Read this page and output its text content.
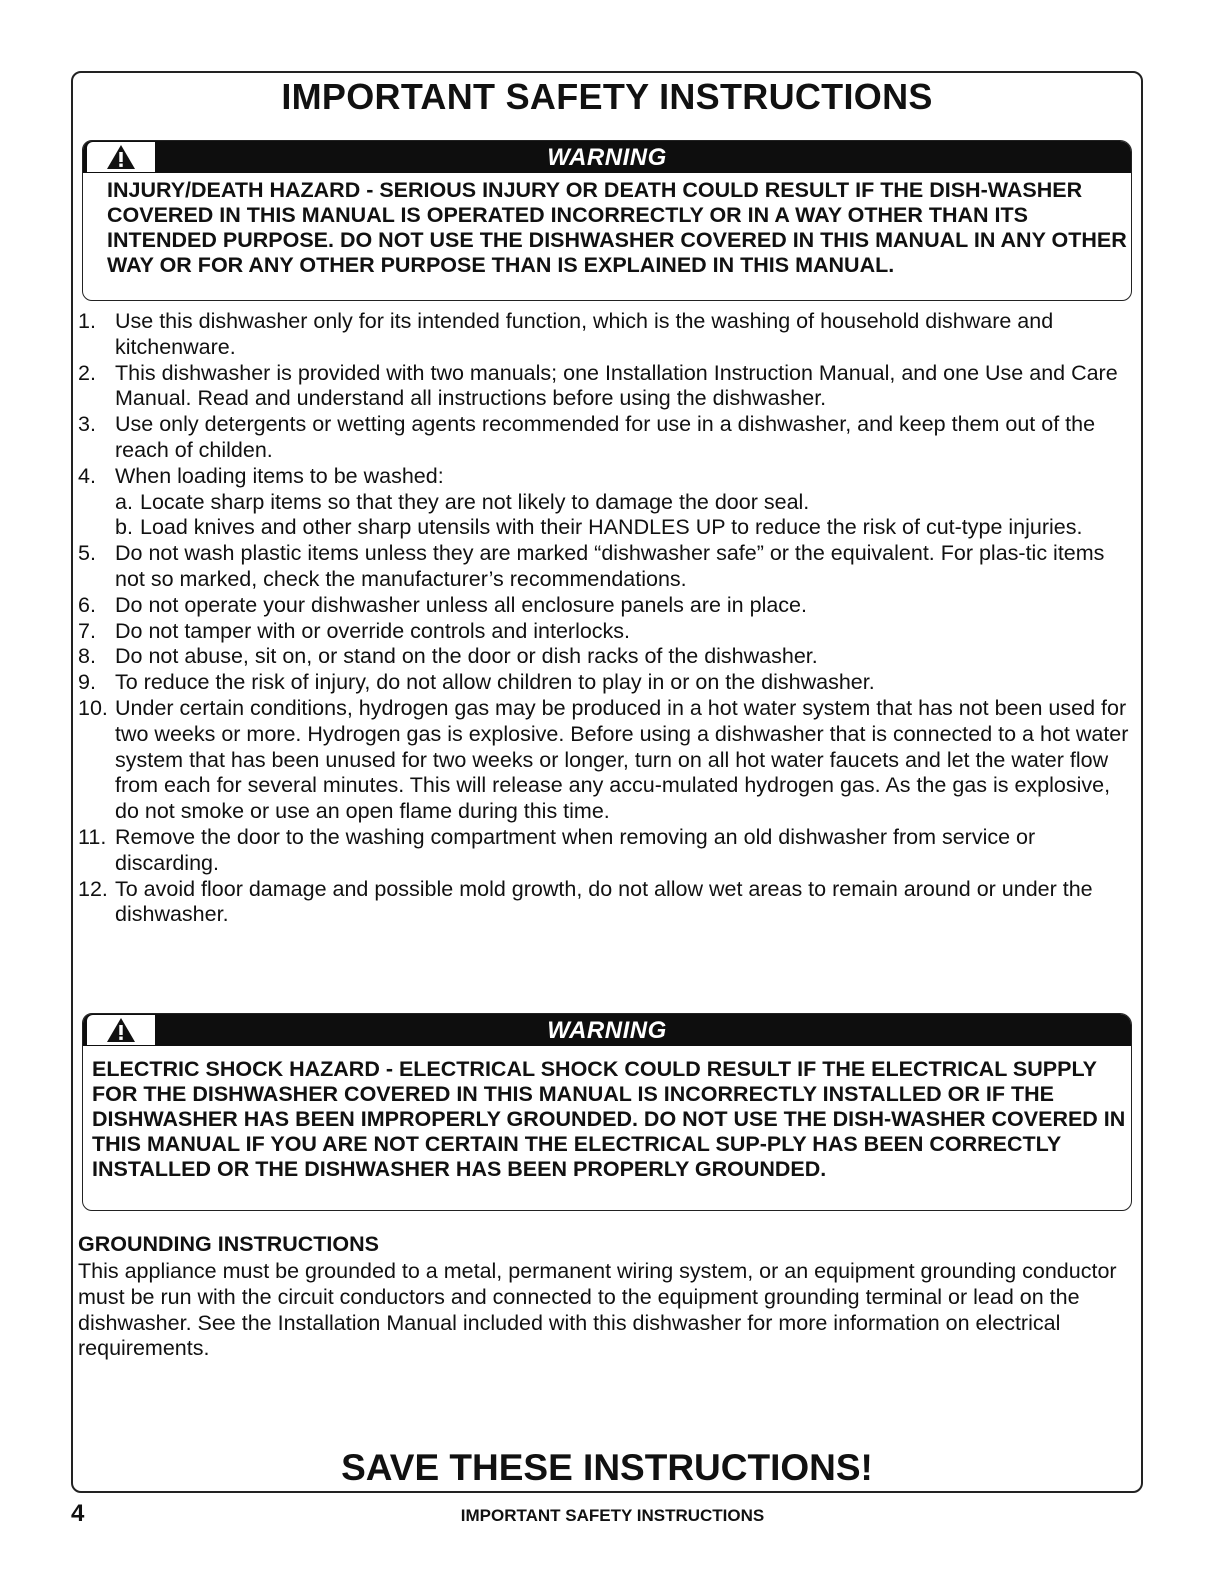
IMPORTANT SAFETY INSTRUCTIONS
WARNING
INJURY/DEATH HAZARD - SERIOUS INJURY OR DEATH COULD RESULT IF THE DISH-WASHER COVERED IN THIS MANUAL IS OPERATED INCORRECTLY OR IN A WAY OTHER THAN ITS INTENDED PURPOSE. DO NOT USE THE DISHWASHER COVERED IN THIS MANUAL IN ANY OTHER WAY OR FOR ANY OTHER PURPOSE THAN IS EXPLAINED IN THIS MANUAL.
1. Use this dishwasher only for its intended function, which is the washing of household dishware and kitchenware.
2. This dishwasher is provided with two manuals; one Installation Instruction Manual, and one Use and Care Manual. Read and understand all instructions before using the dishwasher.
3. Use only detergents or wetting agents recommended for use in a dishwasher, and keep them out of the reach of childen.
4. When loading items to be washed:
a. Locate sharp items so that they are not likely to damage the door seal.
b. Load knives and other sharp utensils with their HANDLES UP to reduce the risk of cut-type injuries.
5. Do not wash plastic items unless they are marked “dishwasher safe” or the equivalent. For plas-tic items not so marked, check the manufacturer’s recommendations.
6. Do not operate your dishwasher unless all enclosure panels are in place.
7. Do not tamper with or override controls and interlocks.
8. Do not abuse, sit on, or stand on the door or dish racks of the dishwasher.
9. To reduce the risk of injury, do not allow children to play in or on the dishwasher.
10. Under certain conditions, hydrogen gas may be produced in a hot water system that has not been used for two weeks or more. Hydrogen gas is explosive. Before using a dishwasher that is connected to a hot water system that has been unused for two weeks or longer, turn on all hot water faucets and let the water flow from each for several minutes. This will release any accu-mulated hydrogen gas. As the gas is explosive, do not smoke or use an open flame during this time.
11. Remove the door to the washing compartment when removing an old dishwasher from service or discarding.
12. To avoid floor damage and possible mold growth, do not allow wet areas to remain around or under the dishwasher.
WARNING
ELECTRIC SHOCK HAZARD - ELECTRICAL SHOCK COULD RESULT IF THE ELECTRICAL SUPPLY FOR THE DISHWASHER COVERED IN THIS MANUAL IS INCORRECTLY INSTALLED OR IF THE DISHWASHER HAS BEEN IMPROPERLY GROUNDED. DO NOT USE THE DISH-WASHER COVERED IN THIS MANUAL IF YOU ARE NOT CERTAIN THE ELECTRICAL SUP-PLY HAS BEEN CORRECTLY INSTALLED OR THE DISHWASHER HAS BEEN PROPERLY GROUNDED.
GROUNDING INSTRUCTIONS
This appliance must be grounded to a metal, permanent wiring system, or an equipment grounding conductor must be run with the circuit conductors and connected to the equipment grounding terminal or lead on the dishwasher. See the Installation Manual included with this dishwasher for more information on electrical requirements.
SAVE THESE INSTRUCTIONS!
4	IMPORTANT SAFETY INSTRUCTIONS
